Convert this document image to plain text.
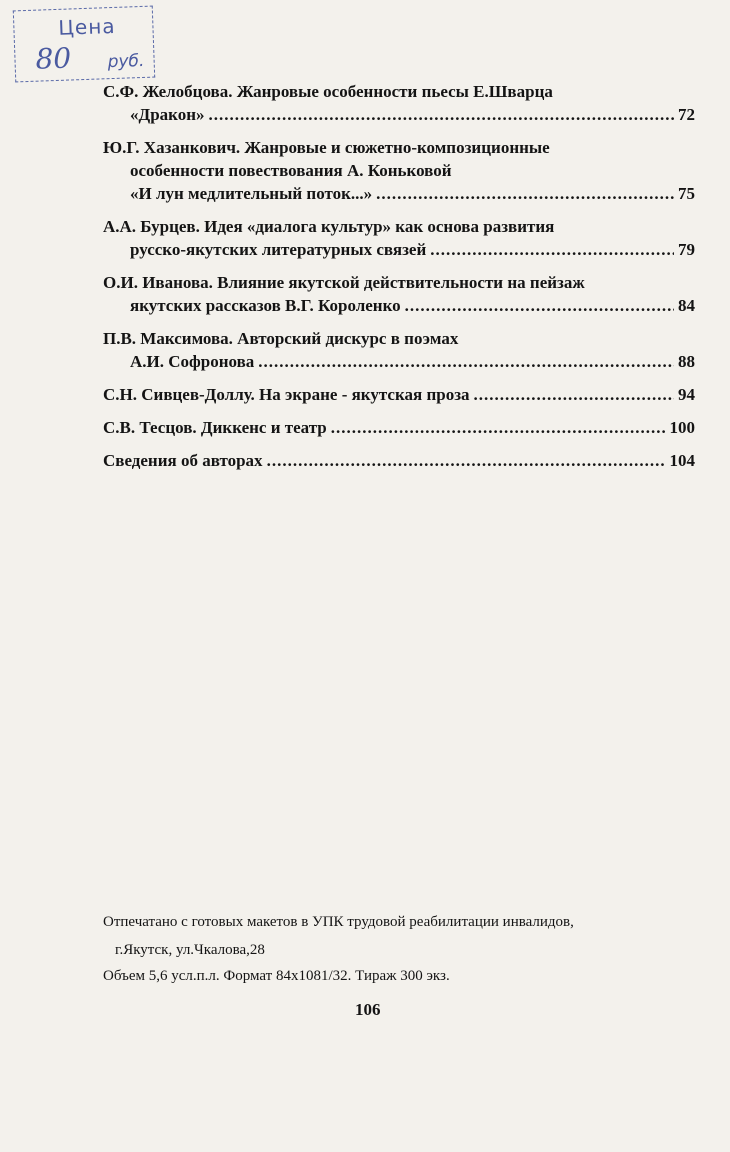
Цена
80 руб.
С.Ф. Желобцова. Жанровые особенности пьесы Е.Шварца
«Дракон» .....	72
Ю.Г. Хазанкович. Жанровые и сюжетно-композиционные
особенности повествования А. Коньковой
«И лун медлительный поток...» .....	75
А.А. Бурцев. Идея «диалога культур» как основа развития
русско-якутских литературных связей .....	79
О.И. Иванова. Влияние якутской действительности на пейзаж
якутских рассказов В.Г. Короленко .....	84
П.В. Максимова. Авторский дискурс в поэмах
А.И. Софронова .....	88
С.Н. Сивцев-Доллу. На экране - якутская проза .....	94
С.В. Тесцов. Диккенс и театр .....	100
Сведения об авторах .....	104

Отпечатано с готовых макетов в УПК трудовой реабилитации инвалидов,

г.Якутск, ул.Чкалова,28

Объем 5,6 усл.п.л. Формат 84x1081/32. Тираж 300 экз.

106
